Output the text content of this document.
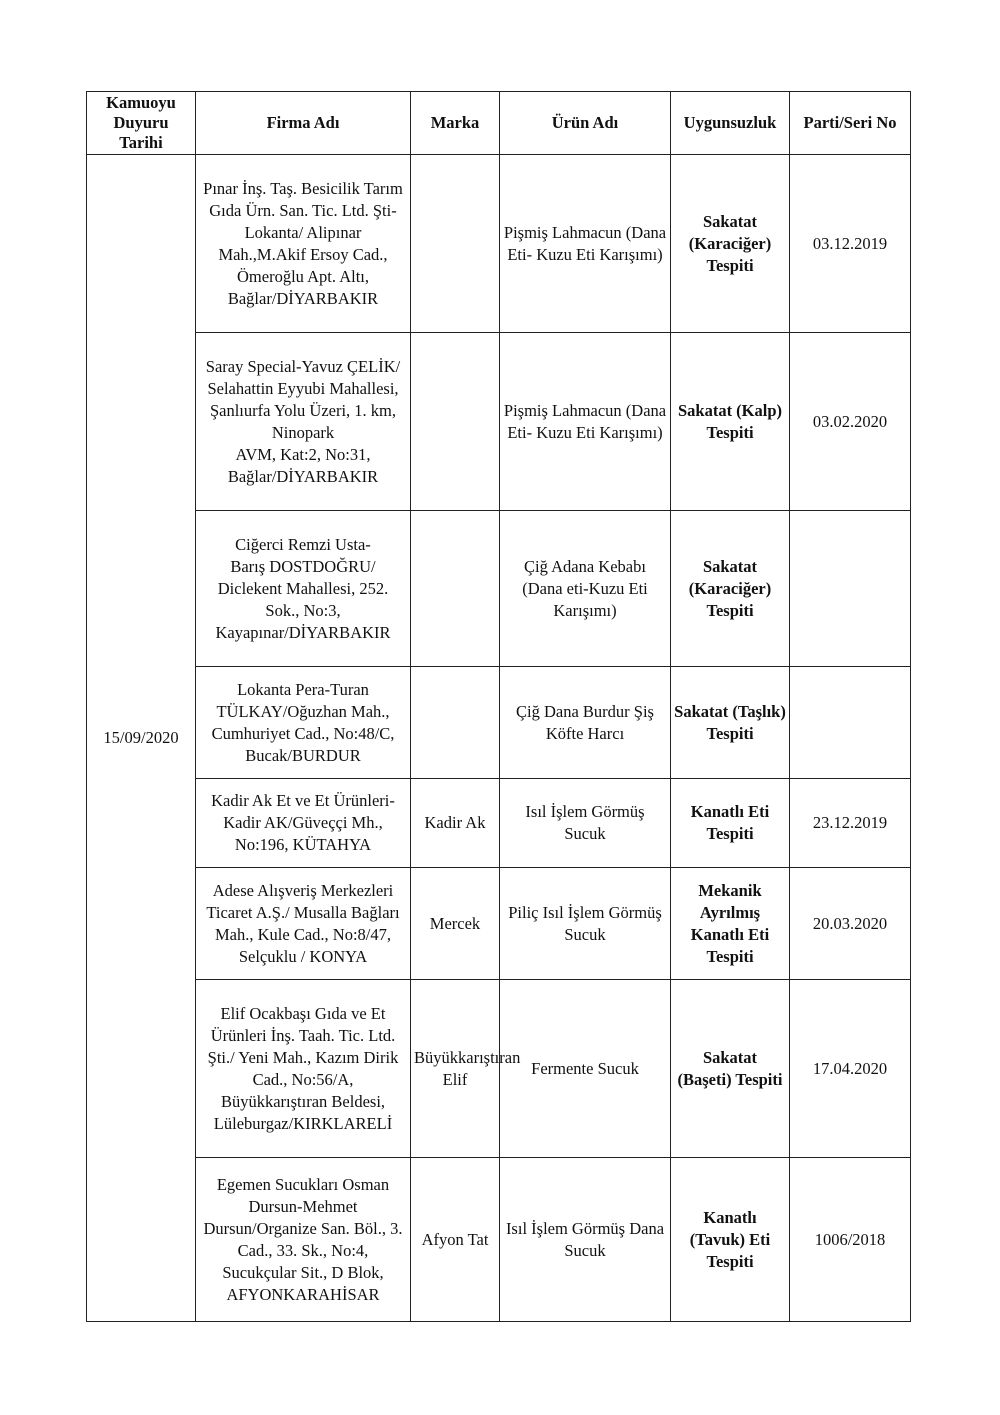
Kamuoyu
Duyuru
Tarihi	Firma Adı	Marka	Ürün Adı	Uygunsuzluk	Parti/Seri No
15/09/2020	Pınar İnş. Taş. Besicilik Tarım Gıda Ürn. San. Tic. Ltd. Şti-Lokanta/ Alipınar Mah.,M.Akif Ersoy Cad., Ömeroğlu Apt. Altı, Bağlar/DİYARBAKIR		Pişmiş Lahmacun (Dana Eti- Kuzu Eti Karışımı)	Sakatat (Karaciğer) Tespiti	03.12.2019
	Saray Special-Yavuz ÇELİK/ Selahattin Eyyubi Mahallesi, Şanlıurfa Yolu Üzeri, 1. km, Ninopark
AVM, Kat:2, No:31, Bağlar/DİYARBAKIR		Pişmiş Lahmacun (Dana Eti- Kuzu Eti Karışımı)	Sakatat (Kalp) Tespiti	03.02.2020
	Ciğerci Remzi Usta-
Barış DOSTDOĞRU/ Diclekent Mahallesi, 252. Sok., No:3, Kayapınar/DİYARBAKIR		Çiğ Adana Kebabı (Dana eti-Kuzu Eti Karışımı)	Sakatat (Karaciğer) Tespiti	
	Lokanta Pera-Turan TÜLKAY/Oğuzhan Mah., Cumhuriyet Cad., No:48/C, Bucak/BURDUR		Çiğ Dana Burdur Şiş Köfte Harcı	Sakatat (Taşlık) Tespiti	
	Kadir Ak Et ve Et Ürünleri-Kadir AK/Güveççi Mh., No:196, KÜTAHYA	Kadir Ak	Isıl İşlem Görmüş Sucuk	Kanatlı Eti Tespiti	23.12.2019
	Adese Alışveriş Merkezleri Ticaret A.Ş./ Musalla Bağları Mah., Kule Cad., No:8/47, Selçuklu / KONYA	Mercek	Piliç Isıl İşlem Görmüş Sucuk	Mekanik Ayrılmış Kanatlı Eti Tespiti	20.03.2020
	Elif Ocakbaşı Gıda ve Et Ürünleri İnş. Taah. Tic. Ltd. Şti./ Yeni Mah., Kazım Dirik Cad., No:56/A, Büyükkarıştıran Beldesi, Lüleburgaz/KIRKLARELİ	Büyükkarıştıran Elif	Fermente Sucuk	Sakatat (Başeti) Tespiti	17.04.2020
	Egemen Sucukları Osman Dursun-Mehmet Dursun/Organize San. Böl., 3. Cad., 33. Sk., No:4, Sucukçular Sit., D Blok, AFYONKARAHİSAR	Afyon Tat	Isıl İşlem Görmüş Dana Sucuk	Kanatlı (Tavuk) Eti Tespiti	1006/2018
